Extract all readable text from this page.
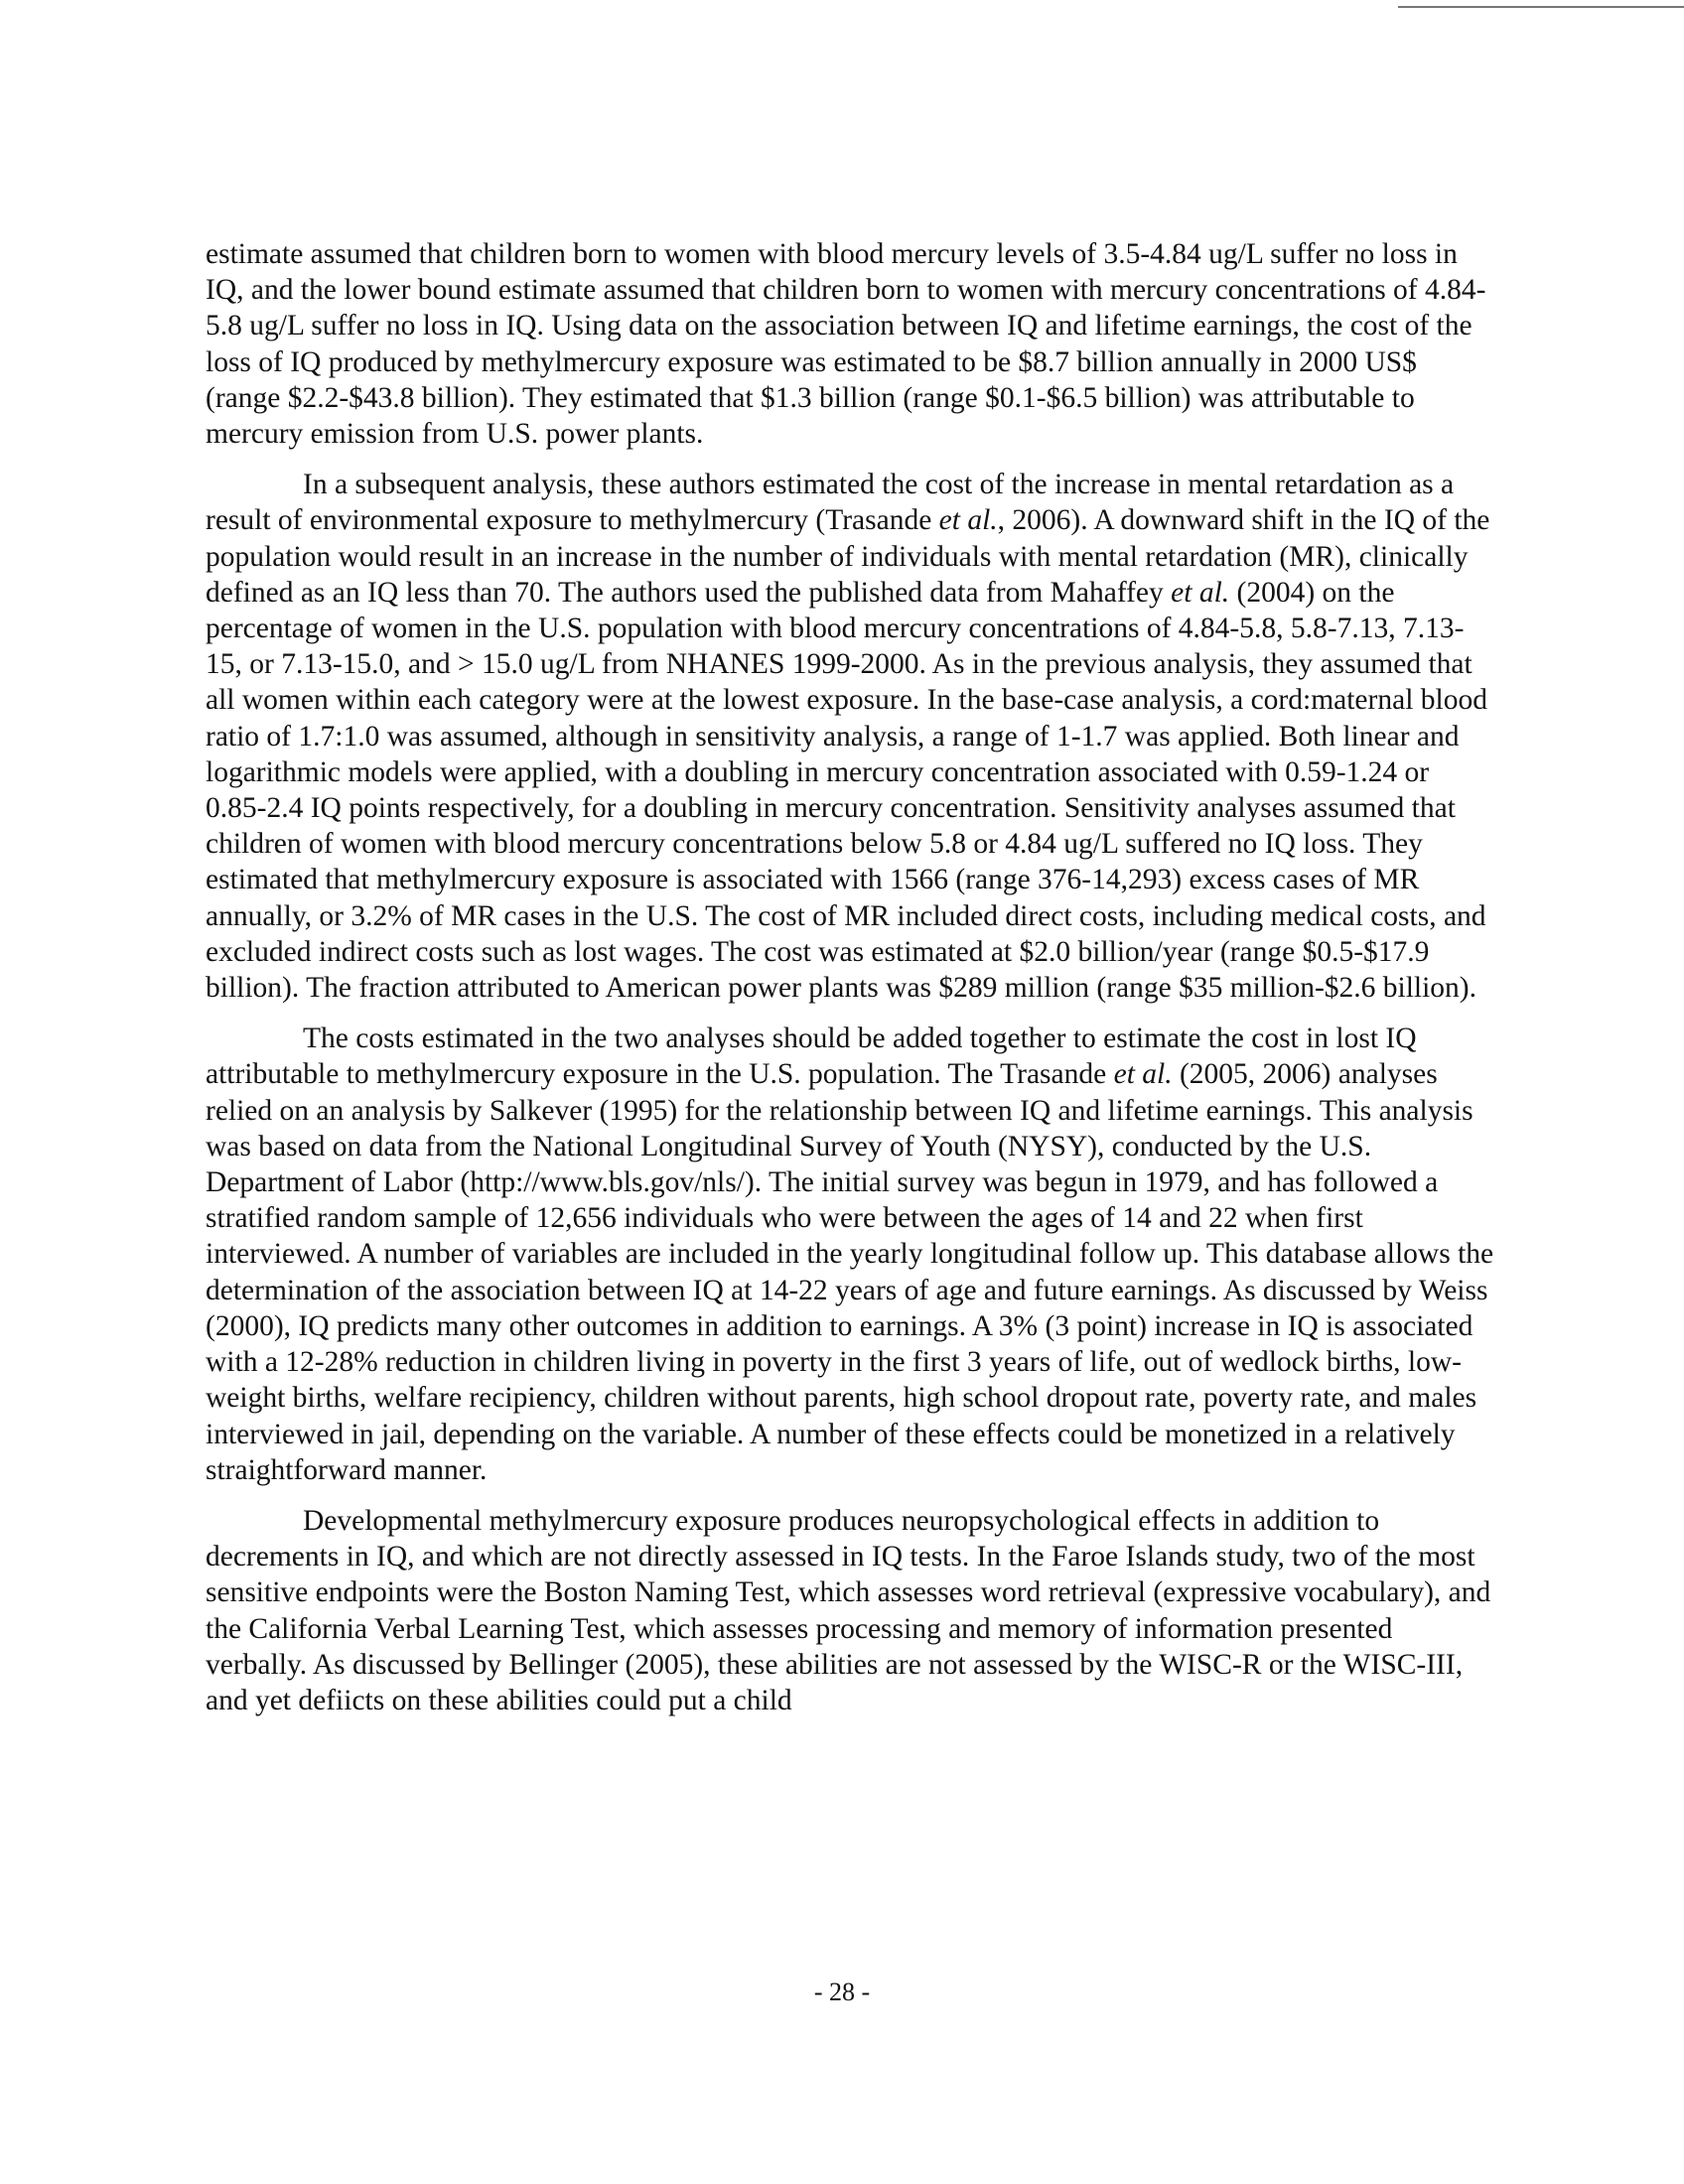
estimate assumed that children born to women with blood mercury levels of 3.5-4.84 ug/L suffer no loss in IQ, and the lower bound estimate assumed that children born to women with mercury concentrations of 4.84-5.8 ug/L suffer no loss in IQ. Using data on the association between IQ and lifetime earnings, the cost of the loss of IQ produced by methylmercury exposure was estimated to be $8.7 billion annually in 2000 US$ (range $2.2-$43.8 billion). They estimated that $1.3 billion (range $0.1-$6.5 billion) was attributable to mercury emission from U.S. power plants.

In a subsequent analysis, these authors estimated the cost of the increase in mental retardation as a result of environmental exposure to methylmercury (Trasande et al., 2006). A downward shift in the IQ of the population would result in an increase in the number of individuals with mental retardation (MR), clinically defined as an IQ less than 70. The authors used the published data from Mahaffey et al. (2004) on the percentage of women in the U.S. population with blood mercury concentrations of 4.84-5.8, 5.8-7.13, 7.13-15, or 7.13-15.0, and > 15.0 ug/L from NHANES 1999-2000. As in the previous analysis, they assumed that all women within each category were at the lowest exposure. In the base-case analysis, a cord:maternal blood ratio of 1.7:1.0 was assumed, although in sensitivity analysis, a range of 1-1.7 was applied. Both linear and logarithmic models were applied, with a doubling in mercury concentration associated with 0.59-1.24 or 0.85-2.4 IQ points respectively, for a doubling in mercury concentration. Sensitivity analyses assumed that children of women with blood mercury concentrations below 5.8 or 4.84 ug/L suffered no IQ loss. They estimated that methylmercury exposure is associated with 1566 (range 376-14,293) excess cases of MR annually, or 3.2% of MR cases in the U.S. The cost of MR included direct costs, including medical costs, and excluded indirect costs such as lost wages. The cost was estimated at $2.0 billion/year (range $0.5-$17.9 billion). The fraction attributed to American power plants was $289 million (range $35 million-$2.6 billion).

The costs estimated in the two analyses should be added together to estimate the cost in lost IQ attributable to methylmercury exposure in the U.S. population. The Trasande et al. (2005, 2006) analyses relied on an analysis by Salkever (1995) for the relationship between IQ and lifetime earnings. This analysis was based on data from the National Longitudinal Survey of Youth (NYSY), conducted by the U.S. Department of Labor (http://www.bls.gov/nls/). The initial survey was begun in 1979, and has followed a stratified random sample of 12,656 individuals who were between the ages of 14 and 22 when first interviewed. A number of variables are included in the yearly longitudinal follow up. This database allows the determination of the association between IQ at 14-22 years of age and future earnings. As discussed by Weiss (2000), IQ predicts many other outcomes in addition to earnings. A 3% (3 point) increase in IQ is associated with a 12-28% reduction in children living in poverty in the first 3 years of life, out of wedlock births, low-weight births, welfare recipiency, children without parents, high school dropout rate, poverty rate, and males interviewed in jail, depending on the variable. A number of these effects could be monetized in a relatively straightforward manner.

Developmental methylmercury exposure produces neuropsychological effects in addition to decrements in IQ, and which are not directly assessed in IQ tests. In the Faroe Islands study, two of the most sensitive endpoints were the Boston Naming Test, which assesses word retrieval (expressive vocabulary), and the California Verbal Learning Test, which assesses processing and memory of information presented verbally. As discussed by Bellinger (2005), these abilities are not assessed by the WISC-R or the WISC-III, and yet defiicts on these abilities could put a child

- 28 -
